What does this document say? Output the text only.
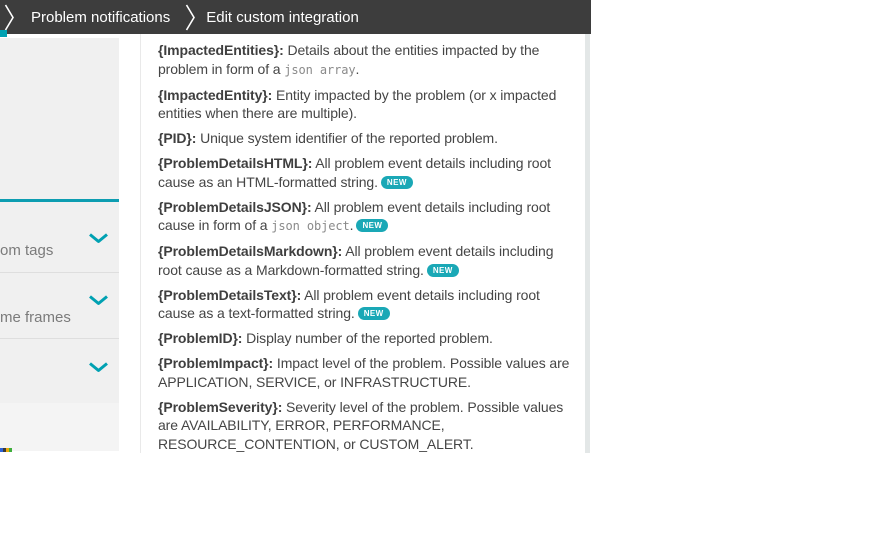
Problem notifications Edit custom integration
om tags
me frames

{ImpactedEntities}: Details about the entities impacted by the problem in form of a json array.

{ImpactedEntity}: Entity impacted by the problem (or x impacted entities when there are multiple).

{PID}: Unique system identifier of the reported problem.

{ProblemDetailsHTML}: All problem event details including root cause as an HTML-formatted string. NEW

{ProblemDetailsJSON}: All problem event details including root cause in form of a json object. NEW

{ProblemDetailsMarkdown}: All problem event details including root cause as a Markdown-formatted string. NEW

{ProblemDetailsText}: All problem event details including root cause as a text-formatted string. NEW

{ProblemID}: Display number of the reported problem.

{ProblemImpact}: Impact level of the problem. Possible values are APPLICATION, SERVICE, or INFRASTRUCTURE.

{ProblemSeverity}: Severity level of the problem. Possible values are AVAILABILITY, ERROR, PERFORMANCE, RESOURCE_CONTENTION, or CUSTOM_ALERT.
